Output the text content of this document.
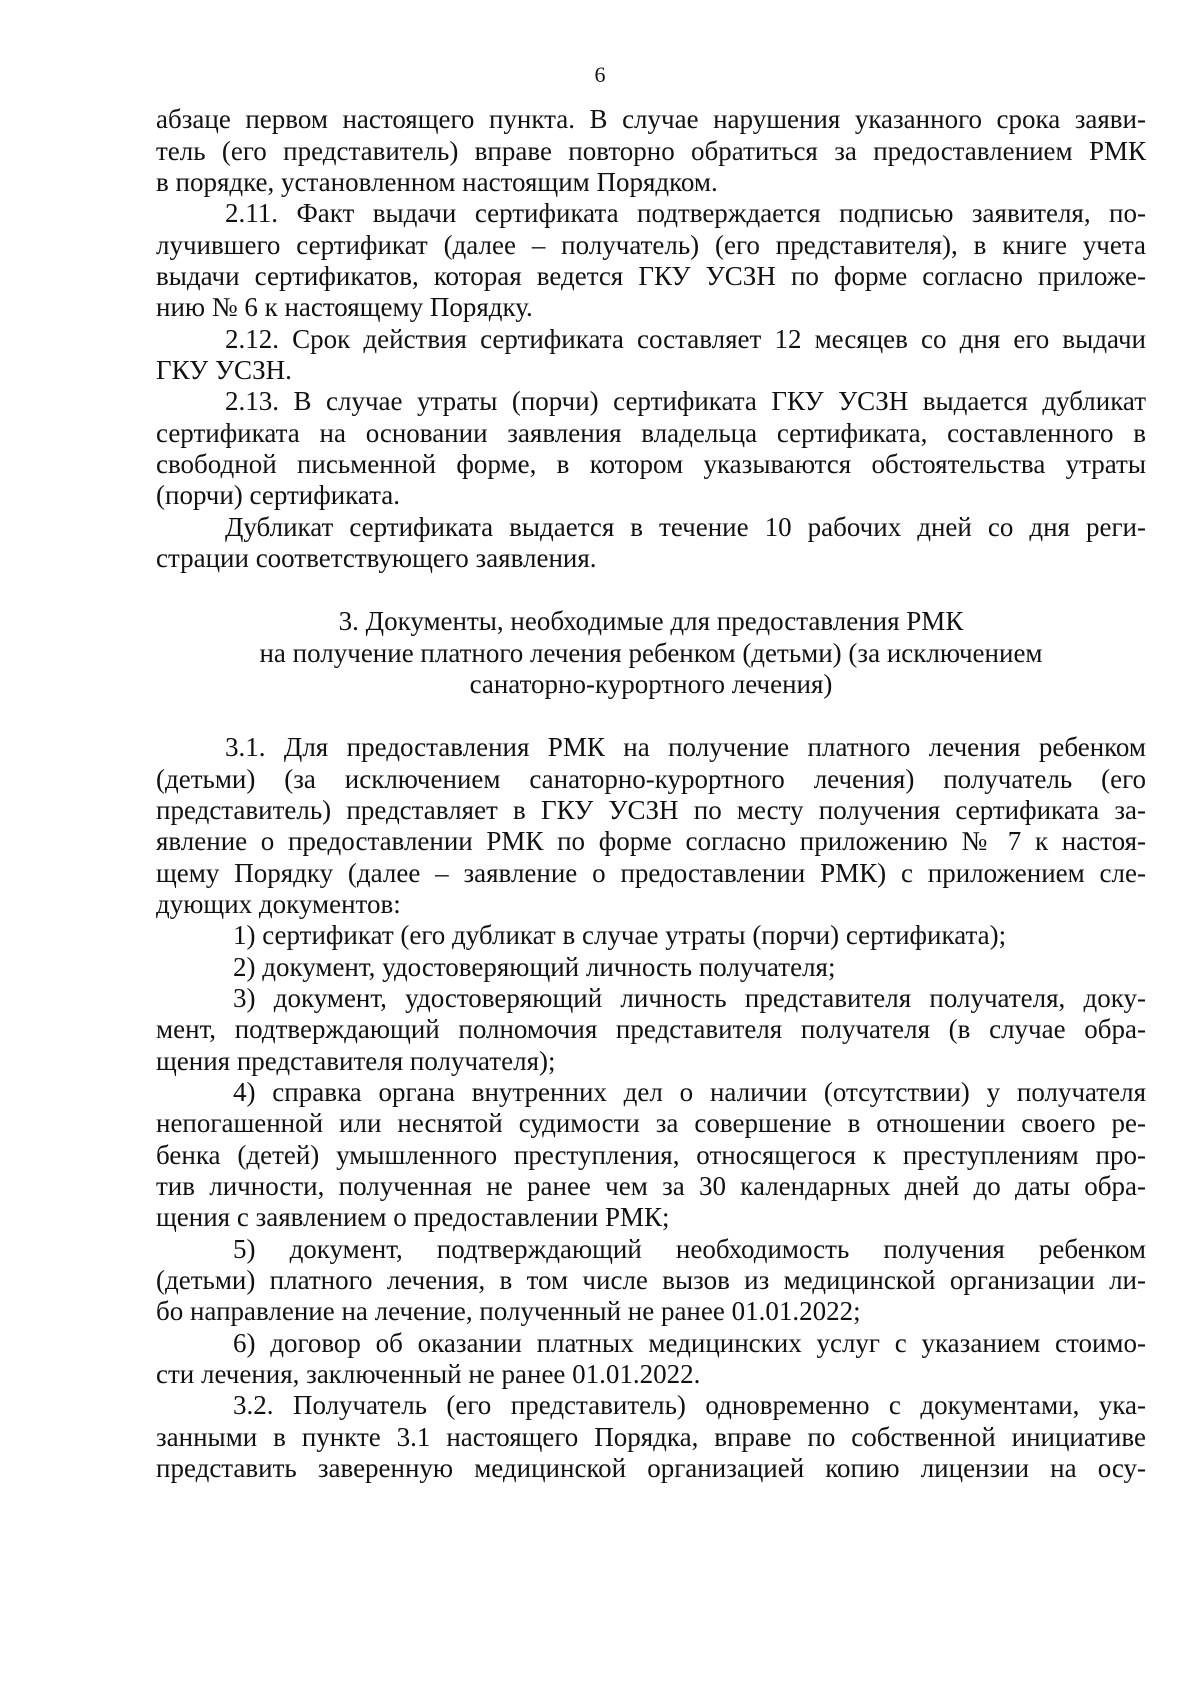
6
абзаце первом настоящего пункта. В случае нарушения указанного срока заяви-
тель (его представитель) вправе повторно обратиться за предоставлением РМК
в порядке, установленном настоящим Порядком.
2.11. Факт выдачи сертификата подтверждается подписью заявителя, по-
лучившего сертификат (далее – получатель) (его представителя), в книге учета
выдачи сертификатов, которая ведется ГКУ УСЗН по форме согласно приложе-
нию № 6 к настоящему Порядку.
2.12. Срок действия сертификата составляет 12 месяцев со дня его выдачи
ГКУ УСЗН.
2.13. В случае утраты (порчи) сертификата ГКУ УСЗН выдается дубликат
сертификата на основании заявления владельца сертификата, составленного в
свободной письменной форме, в котором указываются обстоятельства утраты
(порчи) сертификата.
Дубликат сертификата выдается в течение 10 рабочих дней со дня реги-
страции соответствующего заявления.
3. Документы, необходимые для предоставления РМК
на получение платного лечения ребенком (детьми) (за исключением
санаторно-курортного лечения)
3.1. Для предоставления РМК на получение платного лечения ребенком
(детьми) (за исключением санаторно-курортного лечения) получатель (его
представитель) представляет в ГКУ УСЗН по месту получения сертификата за-
явление о предоставлении РМК по форме согласно приложению № 7 к настоя-
щему Порядку (далее – заявление о предоставлении РМК) с приложением сле-
дующих документов:
1) сертификат (его дубликат в случае утраты (порчи) сертификата);
2) документ, удостоверяющий личность получателя;
3) документ, удостоверяющий личность представителя получателя, доку-
мент, подтверждающий полномочия представителя получателя (в случае обра-
щения представителя получателя);
4) справка органа внутренних дел о наличии (отсутствии) у получателя
непогашенной или неснятой судимости за совершение в отношении своего ре-
бенка (детей) умышленного преступления, относящегося к преступлениям про-
тив личности, полученная не ранее чем за 30 календарных дней до даты обра-
щения с заявлением о предоставлении РМК;
5) документ, подтверждающий необходимость получения ребенком
(детьми) платного лечения, в том числе вызов из медицинской организации ли-
бо направление на лечение, полученный не ранее 01.01.2022;
6) договор об оказании платных медицинских услуг с указанием стоимо-
сти лечения, заключенный не ранее 01.01.2022.
3.2. Получатель (его представитель) одновременно с документами, ука-
занными в пункте 3.1 настоящего Порядка, вправе по собственной инициативе
представить заверенную медицинской организацией копию лицензии на осу-
